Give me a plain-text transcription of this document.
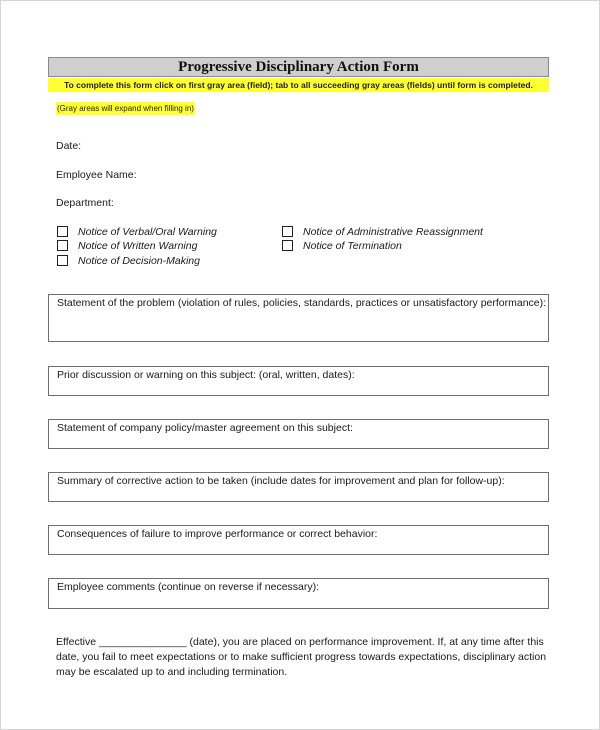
Progressive Disciplinary Action Form
To complete this form click on first gray area (field); tab to all succeeding gray areas (fields) until form is completed.
(Gray areas will expand when filling in)
Date:
Employee Name:
Department:
Notice of Verbal/Oral Warning
Notice of Written Warning
Notice of Decision-Making
Notice of Administrative Reassignment
Notice of Termination
Statement of the problem (violation of rules, policies, standards, practices or unsatisfactory performance):
Prior discussion or warning on this subject: (oral, written, dates):
Statement of company policy/master agreement on this subject:
Summary of corrective action to be taken (include dates for improvement and plan for follow-up):
Consequences of failure to improve performance or correct behavior:
Employee comments (continue on reverse if necessary):
Effective _______________ (date), you are placed on performance improvement. If, at any time after this
date, you fail to meet expectations or to make sufficient progress towards expectations, disciplinary action
may be escalated up to and including termination.
